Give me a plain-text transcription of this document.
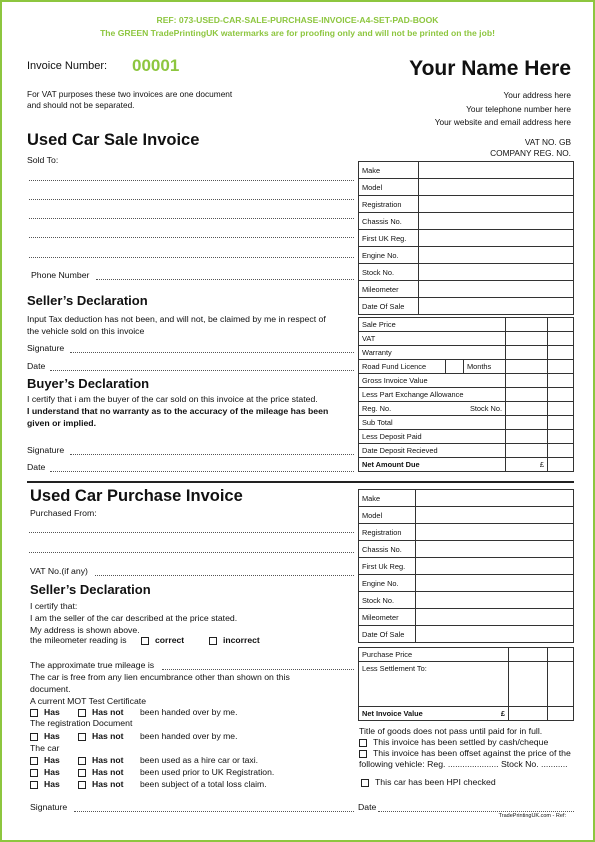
REF: 073-USED-CAR-SALE-PURCHASE-INVOICE-A4-SET-PAD-BOOK
The GREEN TradePrintingUK watermarks are for proofing only and will not be printed on the job!
Invoice Number: 00001
For VAT purposes these two invoices are one document
and should not be separated.
Your Name Here
Your address here
Your telephone number here
Your website and email address here
VAT NO. GB
COMPANY REG. NO.
Used Car Sale Invoice
Sold To:
Phone Number
Seller’s Declaration
Input Tax deduction has not been, and will not, be claimed by me in respect of
the vehicle sold on this invoice
Signature
Date
Buyer’s Declaration
I certify that i am the buyer of the car sold on this invoice at the price stated.
I understand that no warranty as to the accuracy of the mileage has been
given or implied.
Signature
Date
Make	
Model	
Registration	
Chassis No.	
First UK Reg.	
Engine No.	
Stock No.	
Mileometer	
Date Of Sale	
Sale Price		
VAT		
Warranty		

Road Fund Licence Months		

Gross Invoice Value		
Less Part Exchange Allowance		

Reg. No. Stock No.		

Sub Total		
Less Deposit Paid		
Date Deposit Recieved		
Net Amount Due	£	
Used Car Purchase Invoice
Purchased From:
VAT No.(if any)
Seller’s Declaration
I certify that:
I am the seller of the car described at the price stated.
My address is shown above.
the mileometer reading is	correct	incorrect
The approximate true mileage is
The car is free from any lien encumbrance other than shown on this
document.
A current MOT Test Certificate
Has	Has not been handed over by me.
The registration Document
Has	Has not been handed over by me.
The car
Has	Has not been used as a hire car or taxi.
Has	Has not been used prior to UK Registration.
Has	Has not been subject of a total loss claim.
Signature	Date
TradePrintingUK.com - Ref:
Make	
Model	
Registration	
Chassis No.	
First Uk Reg.	
Engine No.	
Stock No.	
Mileometer	
Date Of Sale	
Purchase Price		
Less Settlement To:		

Net Invoice Value £		

Title of goods does not pass until paid for in full.
This invoice has been settled by cash/cheque
This invoice has been offset against the price of the
following vehicle: Reg. ..................... Stock No. ...........
This car has been HPI checked
